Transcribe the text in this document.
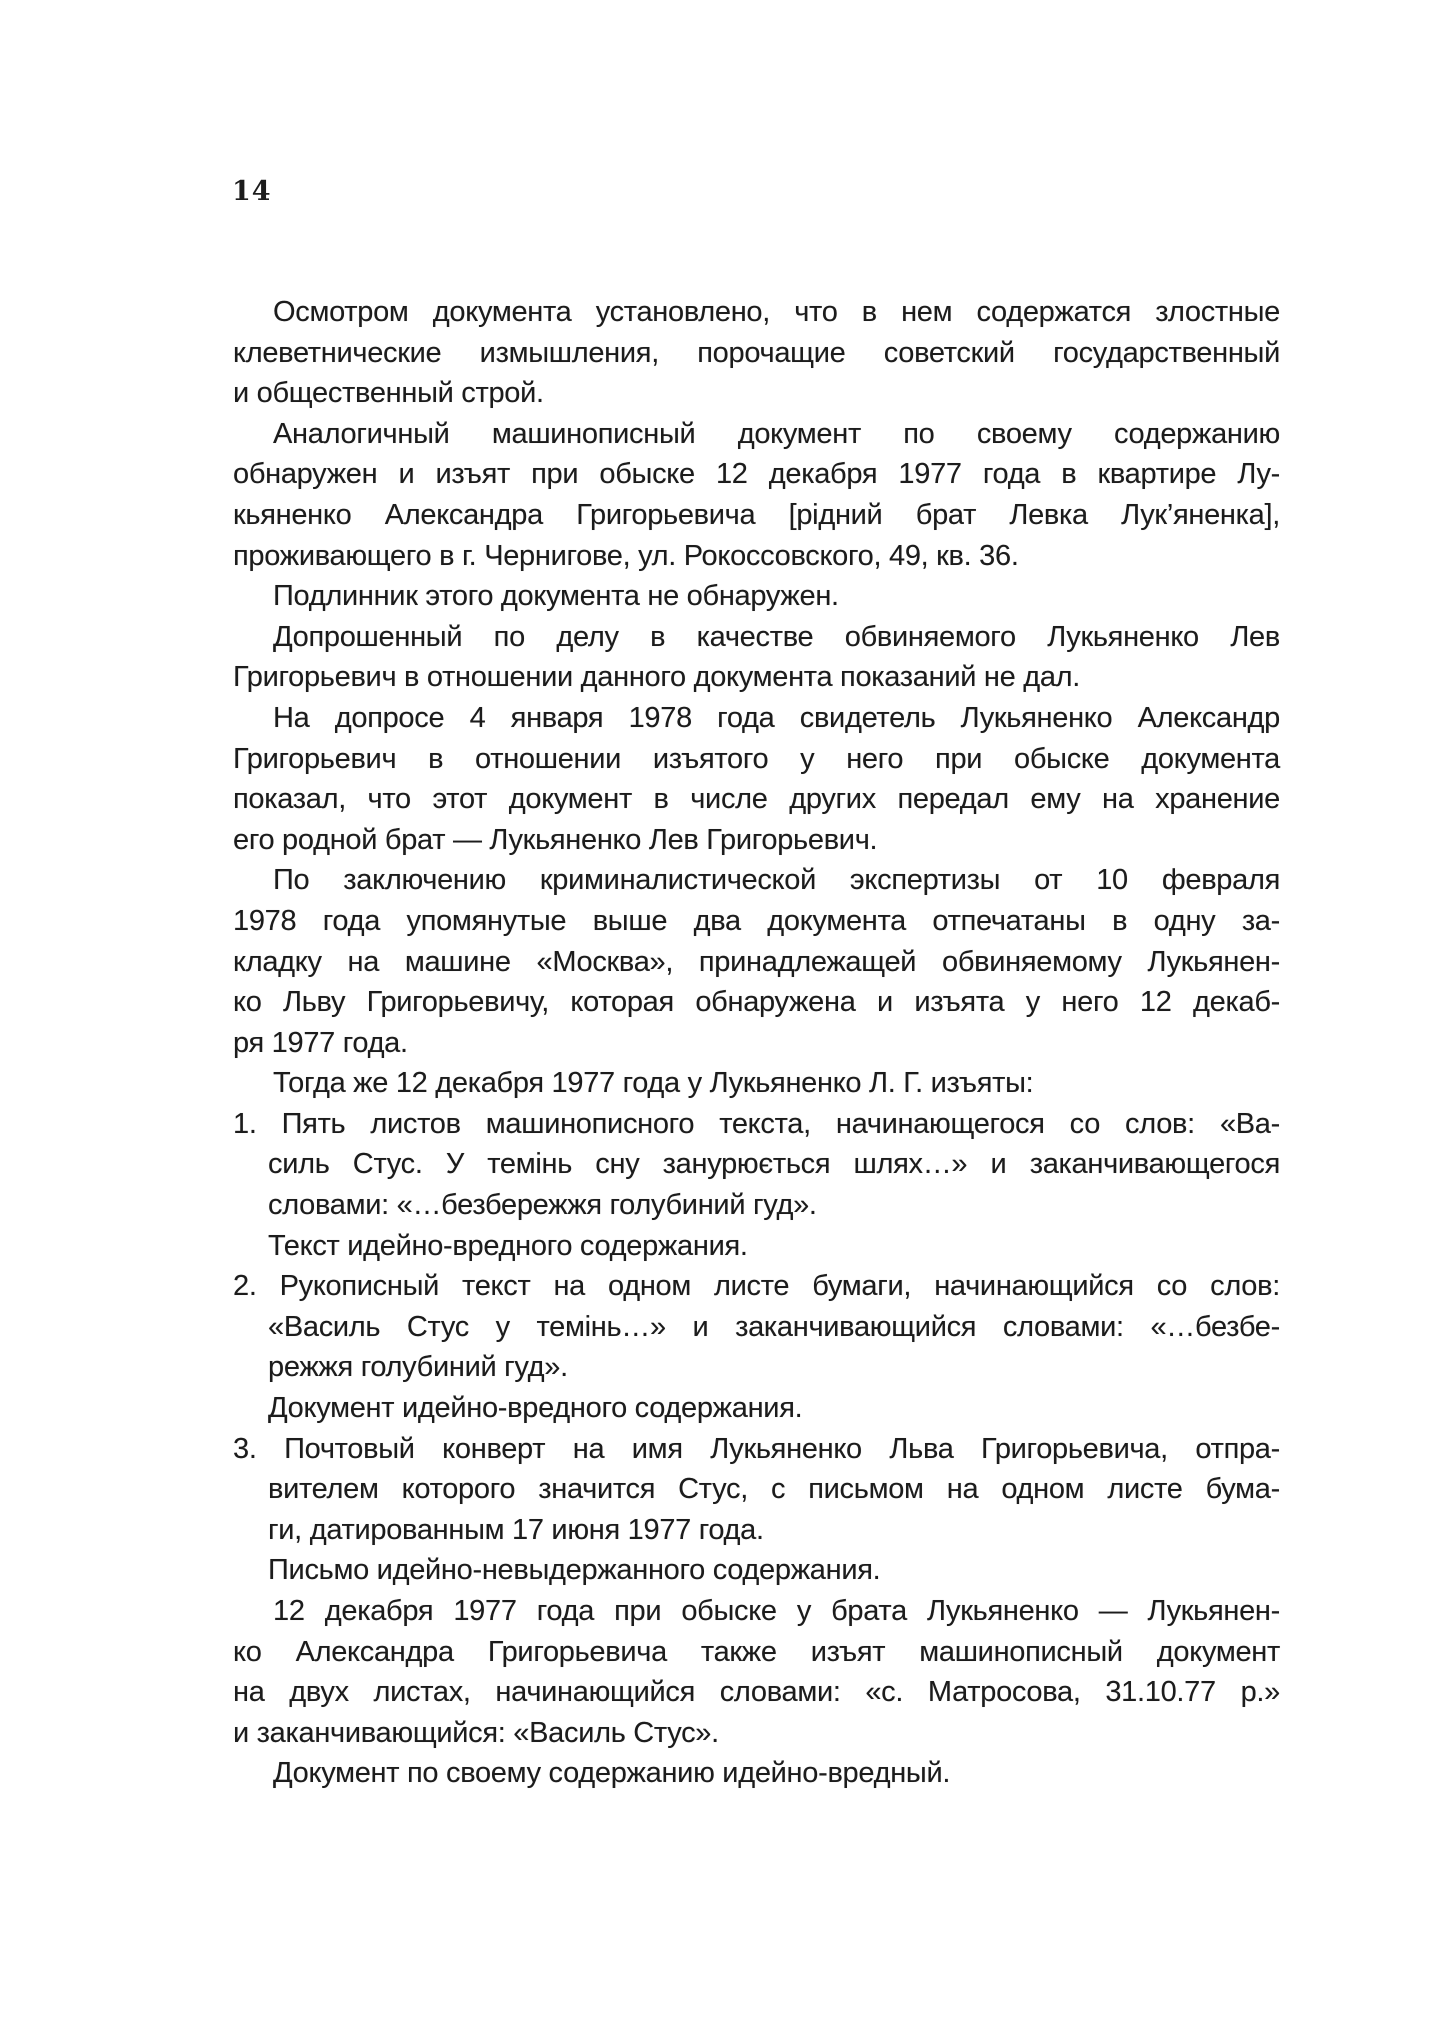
14
Осмотром документа установлено, что в нем содержатся злостные
клеветнические измышления, порочащие советский государственный
и общественный строй.
Аналогичный машинописный документ по своему содержанию
обнаружен и изъят при обыске 12 декабря 1977 года в квартире Лу-
кьяненко Александра Григорьевича [рідний брат Левка Лук’яненка],
проживающего в г. Чернигове, ул. Рокоссовского, 49, кв. 36.
Подлинник этого документа не обнаружен.
Допрошенный по делу в качестве обвиняемого Лукьяненко Лев
Григорьевич в отношении данного документа показаний не дал.
На допросе 4 января 1978 года свидетель Лукьяненко Александр
Григорьевич в отношении изъятого у него при обыске документа
показал, что этот документ в числе других передал ему на хранение
его родной брат — Лукьяненко Лев Григорьевич.
По заключению криминалистической экспертизы от 10 февраля
1978 года упомянутые выше два документа отпечатаны в одну за-
кладку на машине «Москва», принадлежащей обвиняемому Лукьянен-
ко Льву Григорьевичу, которая обнаружена и изъята у него 12 декаб-
ря 1977 года.
Тогда же 12 декабря 1977 года у Лукьяненко Л. Г. изъяты:
1. Пять листов машинописного текста, начинающегося со слов: «Ва-
силь Стус. У темінь сну занурюється шлях…» и заканчивающегося
словами: «…безбережжя голубиний гуд».
Текст идейно-вредного содержания.
2. Рукописный текст на одном листе бумаги, начинающийся со слов:
«Василь Стус у темінь…» и заканчивающийся словами: «…безбе-
режжя голубиний гуд».
Документ идейно-вредного содержания.
3. Почтовый конверт на имя Лукьяненко Льва Григорьевича, отпра-
вителем которого значится Стус, с письмом на одном листе бума-
ги, датированным 17 июня 1977 года.
Письмо идейно-невыдержанного содержания.
12 декабря 1977 года при обыске у брата Лукьяненко — Лукьянен-
ко Александра Григорьевича также изъят машинописный документ
на двух листах, начинающийся словами: «с. Матросова, 31.10.77 р.»
и заканчивающийся: «Василь Стус».
Документ по своему содержанию идейно-вредный.
